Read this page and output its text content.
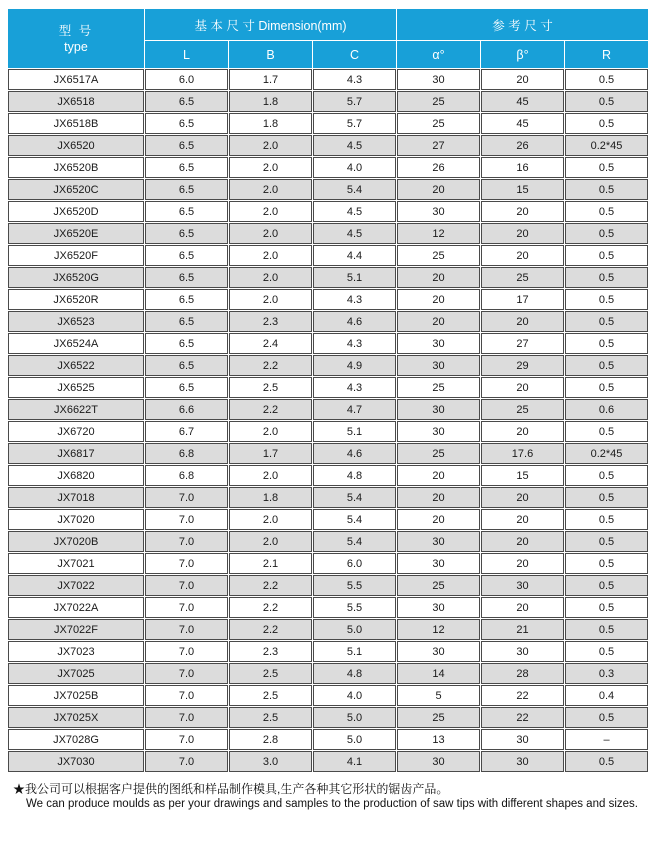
型 号
type	基 本 尺 寸 Dimension(mm)			参 考 尺 寸		
	L	B	C	α°	β°	R
JX6517A	6.0	1.7	4.3	30	20	0.5
JX6518	6.5	1.8	5.7	25	45	0.5
JX6518B	6.5	1.8	5.7	25	45	0.5
JX6520	6.5	2.0	4.5	27	26	0.2*45
JX6520B	6.5	2.0	4.0	26	16	0.5
JX6520C	6.5	2.0	5.4	20	15	0.5
JX6520D	6.5	2.0	4.5	30	20	0.5
JX6520E	6.5	2.0	4.5	12	20	0.5
JX6520F	6.5	2.0	4.4	25	20	0.5
JX6520G	6.5	2.0	5.1	20	25	0.5
JX6520R	6.5	2.0	4.3	20	17	0.5
JX6523	6.5	2.3	4.6	20	20	0.5
JX6524A	6.5	2.4	4.3	30	27	0.5
JX6522	6.5	2.2	4.9	30	29	0.5
JX6525	6.5	2.5	4.3	25	20	0.5
JX6622T	6.6	2.2	4.7	30	25	0.6
JX6720	6.7	2.0	5.1	30	20	0.5
JX6817	6.8	1.7	4.6	25	17.6	0.2*45
JX6820	6.8	2.0	4.8	20	15	0.5
JX7018	7.0	1.8	5.4	20	20	0.5
JX7020	7.0	2.0	5.4	20	20	0.5
JX7020B	7.0	2.0	5.4	30	20	0.5
JX7021	7.0	2.1	6.0	30	20	0.5
JX7022	7.0	2.2	5.5	25	30	0.5
JX7022A	7.0	2.2	5.5	30	20	0.5
JX7022F	7.0	2.2	5.0	12	21	0.5
JX7023	7.0	2.3	5.1	30	30	0.5
JX7025	7.0	2.5	4.8	14	28	0.3
JX7025B	7.0	2.5	4.0	5	22	0.4
JX7025X	7.0	2.5	5.0	25	22	0.5
JX7028G	7.0	2.8	5.0	13	30	–
JX7030	7.0	3.0	4.1	30	30	0.5
★我公司可以根据客户提供的图纸和样品制作模具,生产各种其它形状的锯齿产品。
We can produce moulds as per your drawings and samples to the production of saw tips with different shapes and sizes.
